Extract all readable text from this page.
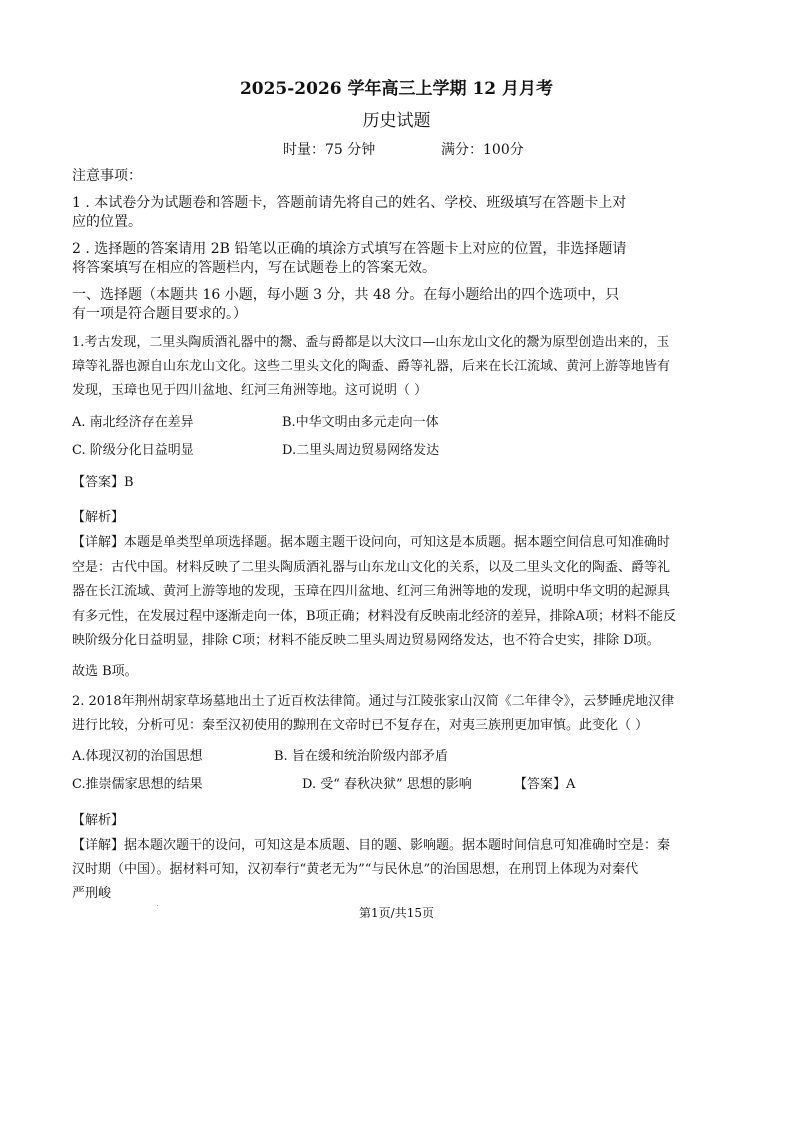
2025-2026 学年高三上学期 12 月月考
历史试题
时量：75 分钟	满分：100分
注意事项：
1 . 本试卷分为试题卷和答题卡，答题前请先将自己的姓名、学校、班级填写在答题卡上对
应的位置。
2 . 选择题的答案请用 2B 铅笔以正确的填涂方式填写在答题卡上对应的位置，非选择题请
将答案填写在相应的答题栏内，写在试题卷上的答案无效。
一、选择题（本题共 16 小题，每小题 3 分，共 48 分。在每小题给出的四个选项中，只
有一项是符合题目要求的。）
1.考古发现，二里头陶质酒礼器中的鬶、盉与爵都是以大汶口—山东龙山文化的鬶为原型创造出来的，玉
璋等礼器也源自山东龙山文化。这些二里头文化的陶盉、爵等礼器，后来在长江流域、黄河上游等地皆有
发现，玉璋也见于四川盆地、红河三角洲等地。这可说明（ ）
A. 南北经济存在差异	B.中华文明由多元走向一体
C. 阶级分化日益明显	D.二里头周边贸易网络发达
【答案】B
【解析】
【详解】本题是单类型单项选择题。据本题主题干设问向，可知这是本质题。据本题空间信息可知准确时
空是：古代中国。材料反映了二里头陶质酒礼器与山东龙山文化的关系，以及二里头文化的陶盉、爵等礼
器在长江流域、黄河上游等地的发现，玉璋在四川盆地、红河三角洲等地的发现，说明中华文明的起源具
有多元性，在发展过程中逐渐走向一体，B项正确；材料没有反映南北经济的差异，排除A项；材料不能反
映阶级分化日益明显，排除 C项；材料不能反映二里头周边贸易网络发达，也不符合史实，排除 D项。
故选 B项。
2. 2018年荆州胡家草场墓地出土了近百枚法律简。通过与江陵张家山汉简《二年律令》，云梦睡虎地汉律
进行比较，分析可见：秦至汉初使用的黥刑在文帝时已不复存在，对夷三族刑更加审慎。此变化（ ）
A.体现汉初的治国思想	B. 旨在缓和统治阶级内部矛盾
C.推崇儒家思想的结果	D. 受“ 春秋决狱” 思想的影响	【答案】A
【解析】
【详解】据本题次题干的设问，可知这是本质题、目的题、影响题。据本题时间信息可知准确时空是：秦
汉时期（中国）。据材料可知，汉初奉行“黄老无为”“与民休息”的治国思想，在刑罚上体现为对秦代
严刑峻
第1页/共15页
